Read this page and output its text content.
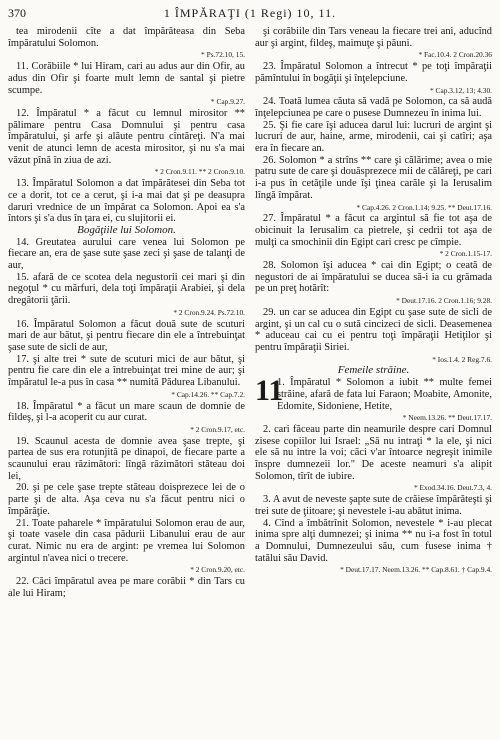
370	1 ÎMPĂRAŢI (1 Regi) 10, 11.

tea mirodenii cîte a dat împărăteasa din Seba împăratului Solomon.

* Ps.72.10, 15.

11. Corăbiile * lui Hiram, cari au adus aur din Ofir, au adus din Ofir şi foarte mult lemn de santal şi pietre scumpe.

* Cap.9.27.

12. Împăratul * a făcut cu lemnul mirositor ** pălimare pentru Casa Domnului şi pentru casa împăratului, şi arfe şi alăute pentru cîntăreţi. N'a mai venit de atunci lemn de acesta mirositor, şi nu s'a mai văzut pînă în ziua de azi.

* 2 Cron.9.11. ** 2 Cron.9.10.

13. Împăratul Solomon a dat împărătesei din Seba tot ce a dorit, tot ce a cerut, şi i-a mai dat şi pe deasupra daruri vrednice de un împărat ca Solomon. Apoi ea s'a întors şi s'a dus în ţara ei, cu slujitorii ei.

Bogăţiile lui Solomon.

14. Greutatea aurului care venea lui Solomon pe fiecare an, era de şase sute şase zeci şi şase de talanţi de aur,

15. afară de ce scotea dela negustorii cei mari şi din negoţul * cu mărfuri, dela toţi împăraţii Arabiei, şi dela dregătorii ţării.

* 2 Cron.9.24. Ps.72.10.

16. Împăratul Solomon a făcut două sute de scuturi mari de aur bătut, şi pentru fiecare din ele a întrebuinţat şase sute de sicli de aur,

17. şi alte trei * sute de scuturi mici de aur bătut, şi pentru fie care din ele a întrebuinţat trei mine de aur; şi împăratul le-a pus în casa ** numită Pădurea Libanului.

* Cap.14.26. ** Cap.7.2.

18. Împăratul * a făcut un mare scaun de domnie de fildeş, şi l-a acoperit cu aur curat.

* 2 Cron.9.17, etc.

19. Scaunul acesta de domnie avea şase trepte, şi partea de sus era rotunjită pe dinapoi, de fiecare parte a scaunului erau răzimători: lîngă răzimători stăteau doi lei,

20. şi pe cele şase trepte stăteau doisprezece lei de o parte şi de alta. Aşa ceva nu s'a făcut pentru nici o împărăţie.

21. Toate paharele * împăratului Solomon erau de aur, şi toate vasele din casa pădurii Libanului erau de aur curat. Nimic nu era de argint: pe vremea lui Solomon argintul n'avea nici o trecere.

* 2 Cron.9.20, etc.

22. Căci împăratul avea pe mare corăbii * din Tars cu ale lui Hiram;

şi corăbiile din Tars veneau la fiecare trei ani, aducînd aur şi argint, fildeş, maimuţe şi păuni.

* Fac.10.4. 2 Cron.20.36

23. Împăratul Solomon a întrecut * pe toţi împăraţii pămîntului în bogăţii şi înţelepciune.

* Cap.3.12, 13; 4.30.

24. Toată lumea căuta să vadă pe Solomon, ca să audă înţelepciunea pe care o pusese Dumnezeu în inima lui.

25. Şi fie care îşi aducea darul lui: lucruri de argint şi lucruri de aur, haine, arme, mirodenii, cai şi catîri; aşa era în fiecare an.

26. Solomon * a strîns ** care şi călărime; avea o mie patru sute de care şi douăsprezece mii de călăreţi, pe cari i-a pus în cetăţile unde îşi ţinea carăle şi la Ierusalim lîngă împărat.

* Cap.4.26. 2 Cron.1.14; 9.25. ** Deut.17.16.

27. Împăratul * a făcut ca argintul să fie tot aşa de obicinuit la Ierusalim ca pietrele, şi cedrii tot aşa de mulţi ca smochinii din Egipt cari cresc pe cîmpie.

* 2 Cron.1.15-17.

28. Solomon îşi aducea * cai din Egipt; o ceată de negustori de ai împăratului se ducea să-i ia cu grămada pe un preţ hotărît:

* Deut.17.16. 2 Cron.1.16; 9.28.

29. un car se aducea din Egipt cu şase sute de sicli de argint, şi un cal cu o sută cincizeci de sicli. Deasemenea * aduceau cai cu ei pentru toţi împăraţii Hetiţilor şi pentru împăraţii Siriei.

* Ios.1.4. 2 Reg.7.6.

Femeile străine.

11

1. Împăratul * Solomon a iubit ** multe femei străine, afară de fata lui Faraon; Moabite, Amonite, Edomite, Sidoniene, Hetite,

* Neem.13.26. ** Deut.17.17.

2. cari făceau parte din neamurile despre cari Domnul zisese copiilor lui Israel: „Să nu intraţi * la ele, şi nici ele să nu intre la voi; căci v'ar întoarce negreşit inimile înspre dumnezeii lor." De aceste neamuri s'a alipit Solomon, tîrît de iubire.

* Exod.34.16. Deut.7.3, 4.

3. A avut de neveste şapte sute de crăiese împărăteşti şi trei sute de ţiitoare; şi nevestele i-au abătut inima.

4. Cînd a îmbătrînit Solomon, nevestele * i-au plecat inima spre alţi dumnezei; şi inima ** nu i-a fost în totul a Domnului, Dumnezeului său, cum fusese inima † tatălui său David.

* Deut.17.17. Neem.13.26. ** Cap.8.61. † Cap.9.4.
